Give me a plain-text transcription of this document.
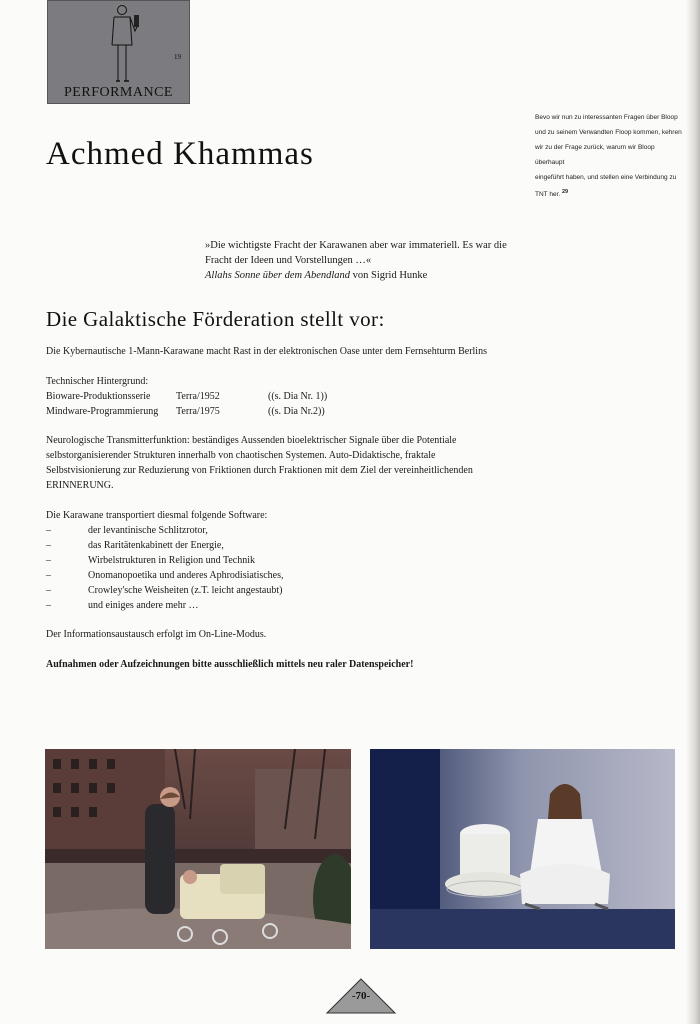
19
PERFORMANCE
Achmed Khammas
Bevo wir nun zu interessanten Fragen über Bloop
und zu seinem Verwandten Floop kommen, kehren
wir zu der Frage zurück, warum wir Bloop überhaupt
eingeführt haben, und stellen eine Verbindung zu
TNT her. $^{29}$
»Die wichtigste Fracht der Karawanen aber war immateriell. Es war die
Fracht der Ideen und Vorstellungen …«
Allahs Sonne über dem Abendland von Sigrid Hunke
Die Galaktische Förderation stellt vor:

Die Kybernautische 1-Mann-Karawane macht Rast in der elektronischen Oase unter dem Fernsehturm Berlins

Technischer Hintergrund:
Bioware-Produktionsserie	Terra/1952	((s. Dia Nr. 1))
Mindware-Programmierung	Terra/1975	((s. Dia Nr.2))
Neurologische Transmitterfunktion: beständiges Aussenden bioelektrischer Signale über die Potentiale
selbstorganisierender Strukturen innerhalb von chaotischen Systemen. Auto-Didaktische, fraktale
Selbstvisionierung zur Reduzierung von Friktionen durch Fraktionen mit dem Ziel der vereinheitlichenden
ERINNERUNG.
Die Karawane transportiert diesmal folgende Software:
–	der levantinische Schlitzrotor,
–	das Raritätenkabinett der Energie,
–	Wirbelstrukturen in Religion und Technik
–	Onomanopoetika und anderes Aphrodisiatisches,
–	Crowley'sche Weisheiten (z.T. leicht angestaubt)
–	und einiges andere mehr …

Der Informationsaustausch erfolgt im On-Line-Modus.

Aufnahmen oder Aufzeichnungen bitte ausschließlich mittels neu raler Datenspeicher!

-70-
